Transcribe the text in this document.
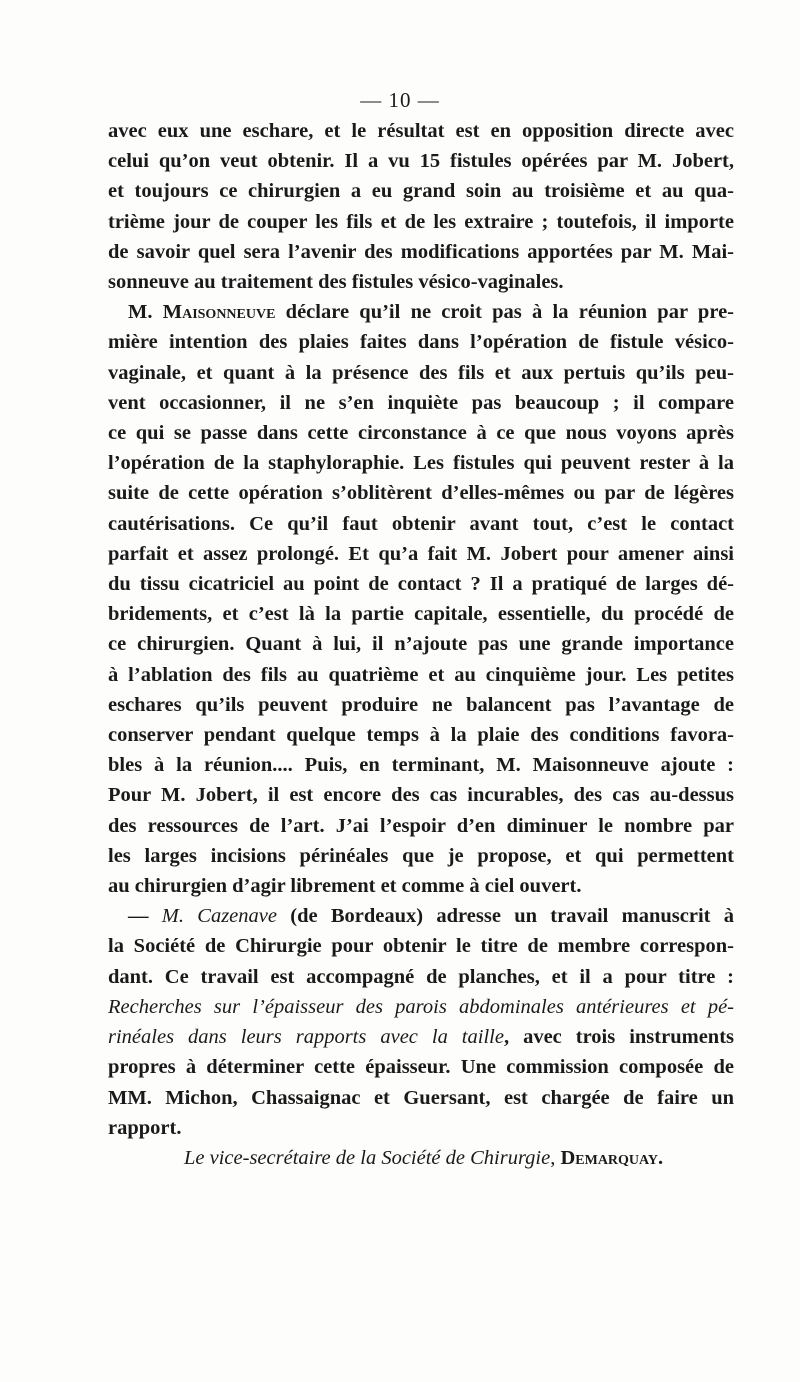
— 10 —
avec eux une eschare, et le résultat est en opposition directe avec
celui qu’on veut obtenir. Il a vu 15 fistules opérées par M. Jobert,
et toujours ce chirurgien a eu grand soin au troisième et au qua-
trième jour de couper les fils et de les extraire ; toutefois, il importe
de savoir quel sera l’avenir des modifications apportées par M. Mai-
sonneuve au traitement des fistules vésico-vaginales.
M. Maisonneuve déclare qu’il ne croit pas à la réunion par pre-
mière intention des plaies faites dans l’opération de fistule vésico-
vaginale, et quant à la présence des fils et aux pertuis qu’ils peu-
vent occasionner, il ne s’en inquiète pas beaucoup ; il compare
ce qui se passe dans cette circonstance à ce que nous voyons après
l’opération de la staphyloraphie. Les fistules qui peuvent rester à la
suite de cette opération s’oblitèrent d’elles-mêmes ou par de légères
cautérisations. Ce qu’il faut obtenir avant tout, c’est le contact
parfait et assez prolongé. Et qu’a fait M. Jobert pour amener ainsi
du tissu cicatriciel au point de contact ? Il a pratiqué de larges dé-
bridements, et c’est là la partie capitale, essentielle, du procédé de
ce chirurgien. Quant à lui, il n’ajoute pas une grande importance
à l’ablation des fils au quatrième et au cinquième jour. Les petites
eschares qu’ils peuvent produire ne balancent pas l’avantage de
conserver pendant quelque temps à la plaie des conditions favora-
bles à la réunion.... Puis, en terminant, M. Maisonneuve ajoute :
Pour M. Jobert, il est encore des cas incurables, des cas au-dessus
des ressources de l’art. J’ai l’espoir d’en diminuer le nombre par
les larges incisions périnéales que je propose, et qui permettent
au chirurgien d’agir librement et comme à ciel ouvert.
— M. Cazenave (de Bordeaux) adresse un travail manuscrit à
la Société de Chirurgie pour obtenir le titre de membre correspon-
dant. Ce travail est accompagné de planches, et il a pour titre :
Recherches sur l’épaisseur des parois abdominales antérieures et pé-
rinéales dans leurs rapports avec la taille, avec trois instruments
propres à déterminer cette épaisseur. Une commission composée de
MM. Michon, Chassaignac et Guersant, est chargée de faire un
rapport.
Le vice-secrétaire de la Société de Chirurgie, Demarquay.
